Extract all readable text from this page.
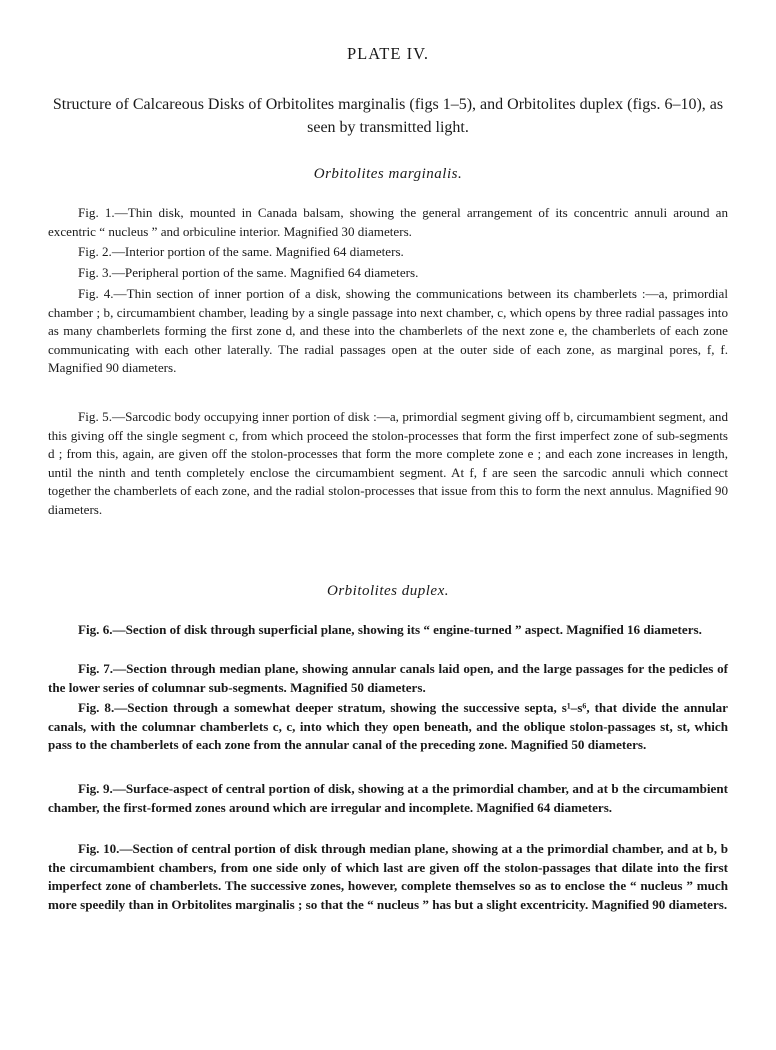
PLATE IV.
Structure of Calcareous Disks of Orbitolites marginalis (figs 1–5), and Orbitolites duplex (figs. 6–10), as seen by transmitted light.
Orbitolites marginalis.

Fig. 1.—Thin disk, mounted in Canada balsam, showing the general arrangement of its concentric annuli around an excentric “ nucleus ” and orbiculine interior. Magnified 30 diameters.

Fig. 2.—Interior portion of the same. Magnified 64 diameters.

Fig. 3.—Peripheral portion of the same. Magnified 64 diameters.

Fig. 4.—Thin section of inner portion of a disk, showing the communications between its chamberlets :—a, primordial chamber ; b, circumambient chamber, leading by a single passage into next chamber, c, which opens by three radial passages into as many chamberlets forming the first zone d, and these into the chamberlets of the next zone e, the chamberlets of each zone communicating with each other laterally. The radial passages open at the outer side of each zone, as marginal pores, f, f. Magnified 90 diameters.

Fig. 5.—Sarcodic body occupying inner portion of disk :—a, primordial segment giving off b, circumambient segment, and this giving off the single segment c, from which proceed the stolon-processes that form the first imperfect zone of sub-segments d ; from this, again, are given off the stolon-processes that form the more complete zone e ; and each zone increases in length, until the ninth and tenth completely enclose the circumambient segment. At f, f are seen the sarcodic annuli which connect together the chamberlets of each zone, and the radial stolon-processes that issue from this to form the next annulus. Magnified 90 diameters.

Orbitolites duplex.

Fig. 6.—Section of disk through superficial plane, showing its “ engine-turned ” aspect. Magnified 16 diameters.

Fig. 7.—Section through median plane, showing annular canals laid open, and the large passages for the pedicles of the lower series of columnar sub-segments. Magnified 50 diameters.

Fig. 8.—Section through a somewhat deeper stratum, showing the successive septa, s¹–s⁶, that divide the annular canals, with the columnar chamberlets c, c, into which they open beneath, and the oblique stolon-passages st, st, which pass to the chamberlets of each zone from the annular canal of the preceding zone. Magnified 50 diameters.

Fig. 9.—Surface-aspect of central portion of disk, showing at a the primordial chamber, and at b the circumambient chamber, the first-formed zones around which are irregular and incomplete. Magnified 64 diameters.

Fig. 10.—Section of central portion of disk through median plane, showing at a the primordial chamber, and at b, b the circumambient chambers, from one side only of which last are given off the stolon-passages that dilate into the first imperfect zone of chamberlets. The successive zones, however, complete themselves so as to enclose the “ nucleus ” much more speedily than in Orbitolites marginalis ; so that the “ nucleus ” has but a slight excentricity. Magnified 90 diameters.
